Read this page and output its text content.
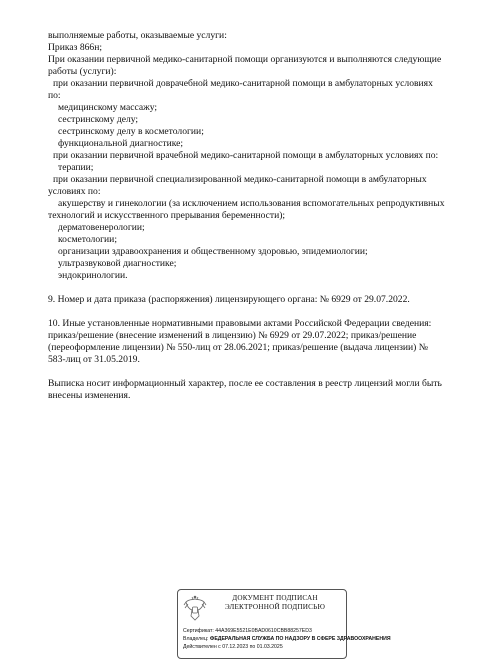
выполняемые работы, оказываемые услуги:
Приказ 866н;
При оказании первичной медико-санитарной помощи организуются и выполняются следующие
работы (услуги):
при оказании первичной доврачебной медико-санитарной помощи в амбулаторных условиях
по:
медицинскому массажу;
сестринскому делу;
сестринскому делу в косметологии;
функциональной диагностике;
при оказании первичной врачебной медико-санитарной помощи в амбулаторных условиях по:
терапии;
при оказании первичной специализированной медико-санитарной помощи в амбулаторных
условиях по:
акушерству и гинекологии (за исключением использования вспомогательных репродуктивных
технологий и искусственного прерывания беременности);
дерматовенерологии;
косметологии;
организации здравоохранения и общественному здоровью, эпидемиологии;
ультразвуковой диагностике;
эндокринологии.
9. Номер и дата приказа (распоряжения) лицензирующего органа: № 6929 от 29.07.2022.
10. Иные установленные нормативными правовыми актами Российской Федерации сведения:
приказ/решение (внесение изменений в лицензию) № 6929 от 29.07.2022; приказ/решение
(переоформление лицензии) № 550-лиц от 28.06.2021; приказ/решение (выдача лицензии) №
583-лиц от 31.05.2019.
Выписка носит информационный характер, после ее составления в реестр лицензий могли быть
внесены изменения.
ДОКУМЕНТ ПОДПИСАН
ЭЛЕКТРОННОЙ ПОДПИСЬЮ
Сертификат: 44A369E5521E0BAD0610CBB88257ED3
Владелец: ФЕДЕРАЛЬНАЯ СЛУЖБА ПО НАДЗОРУ В СФЕРЕ ЗДРАВООХРАНЕНИЯ
Действителен с 07.12.2023 по 01.03.2025
